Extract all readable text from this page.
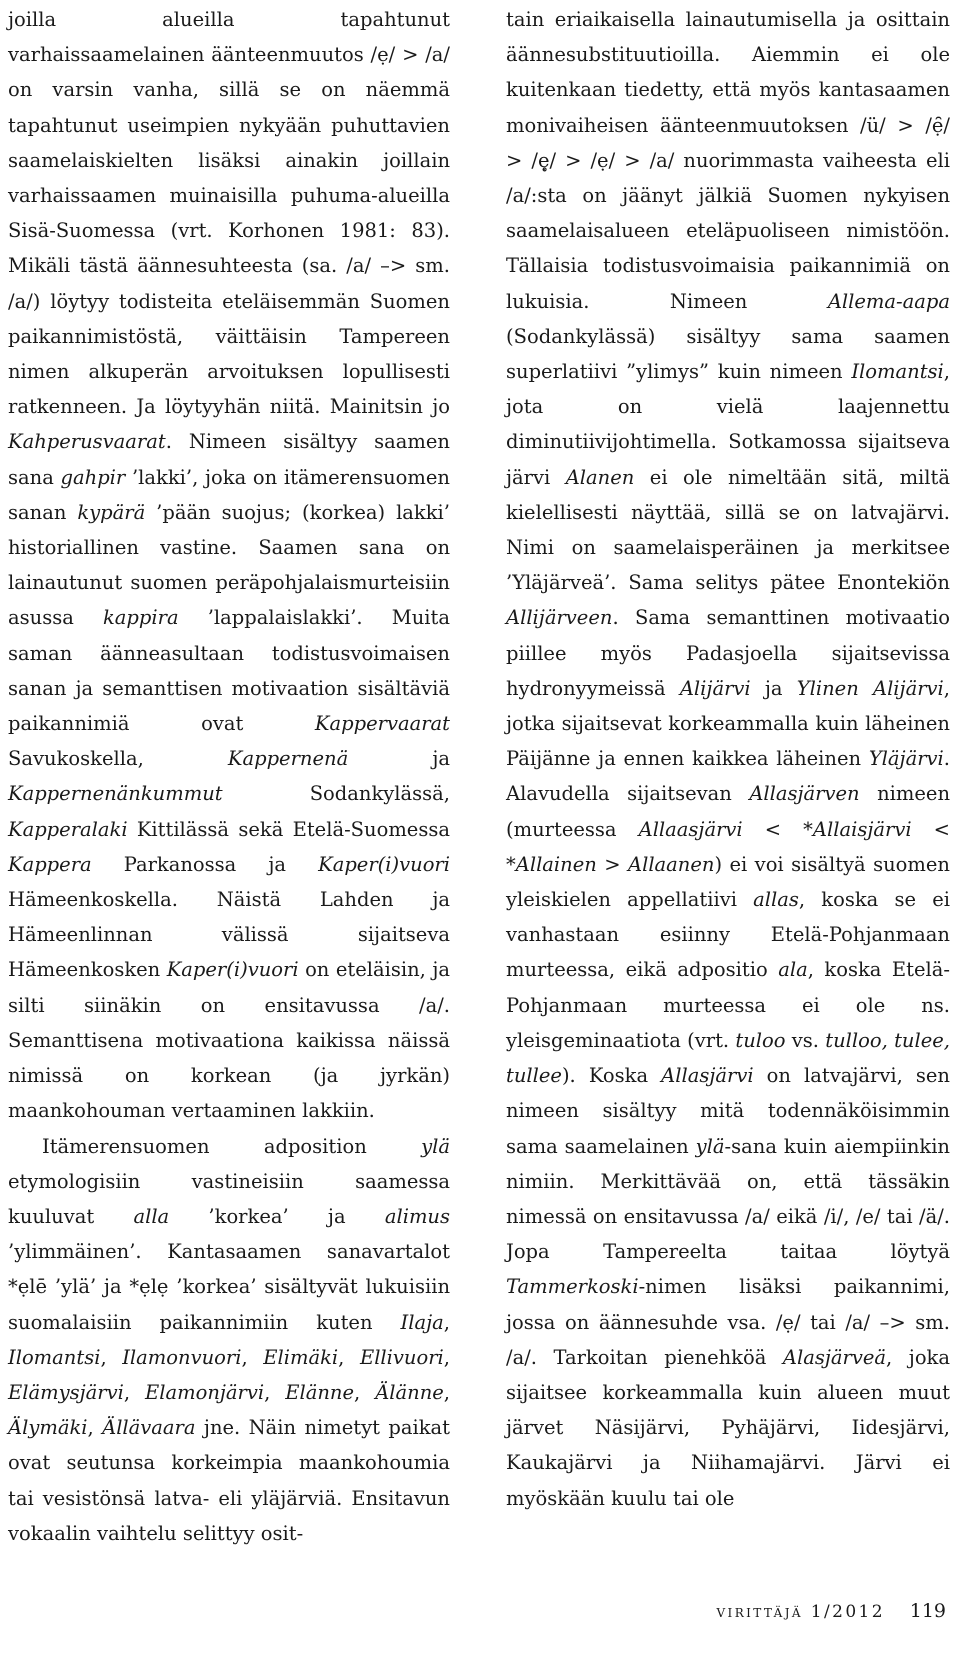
joilla alueilla tapahtunut varhaissaamelainen äänteenmuutos /ẹ/ > /a/ on varsin vanha, sillä se on näemmä tapahtunut useimpien nykyään puhuttavien saamelaiskielten lisäksi ainakin joillain varhaissaamen muinaisilla puhuma-alueilla Sisä-Suomessa (vrt. Korhonen 1981: 83). Mikäli tästä äännesuhteesta (sa. /a/ –> sm. /a/) löytyy todisteita eteläisemmän Suomen paikannimistöstä, väittäisin Tampereen nimen alkuperän arvoituksen lopullisesti ratkenneen. Ja löytyyhän niitä. Mainitsin jo Kahperusvaarat. Nimeen sisältyy saamen sana gahpir ’lakki’, joka on itämerensuomen sanan kypärä ’pään suojus; (korkea) lakki’ historiallinen vastine. Saamen sana on lainautunut suomen peräpohjalaismurteisiin asussa kappira ’lappalaislakki’. Muita saman äänneasultaan todistusvoimaisen sanan ja semanttisen motivaation sisältäviä paikannimiä ovat Kappervaarat Savukoskella, Kappernenä ja Kappernenänkummut Sodankylässä, Kapperalaki Kittilässä sekä Etelä-Suomessa Kappera Parkanossa ja Kaper(i)vuori Hämeenkoskella. Näistä Lahden ja Hämeenlinnan välissä sijaitseva Hämeenkosken Kaper(i)vuori on eteläisin, ja silti siinäkin on ensitavussa /a/. Semanttisena motivaationa kaikissa näissä nimissä on korkean (ja jyrkän) maankohouman vertaaminen lakkiin.

Itämerensuomen adposition ylä etymologisiin vastineisiin saamessa kuuluvat alla ’korkea’ ja alimus ’ylimmäinen’. Kantasaamen sanavartalot *ẹlē ’ylä’ ja *ẹlẹ ’korkea’ sisältyvät lukuisiin suomalaisiin paikannimiin kuten Ilaja, Ilomantsi, Ilamonvuori, Elimäki, Ellivuori, Elämysjärvi, Elamonjärvi, Elänne, Älänne, Älymäki, Ällävaara jne. Näin nimetyt paikat ovat seutunsa korkeimpia maankohoumia tai vesistönsä latva- eli yläjärviä. Ensitavun vokaalin vaihtelu selittyy osit-

tain eriaikaisella lainautumisella ja osittain äännesubstituutioilla. Aiemmin ei ole kuitenkaan tiedetty, että myös kantasaamen monivaiheisen äänteenmuutoksen /ü/ > /ẹ̑/ > /ẹ̥/ > /ẹ/ > /a/ nuorimmasta vaiheesta eli /a/:sta on jäänyt jälkiä Suomen nykyisen saamelaisalueen eteläpuoliseen nimistöön. Tällaisia todistusvoimaisia paikannimiä on lukuisia. Nimeen Allema-aapa (Sodankylässä) sisältyy sama saamen superlatiivi ”ylimys” kuin nimeen Ilomantsi, jota on vielä laajennettu diminutiivijohtimella. Sotkamossa sijaitseva järvi Alanen ei ole nimeltään sitä, miltä kielellisesti näyttää, sillä se on latvajärvi. Nimi on saamelaisperäinen ja merkitsee ’Yläjärveä’. Sama selitys pätee Enontekiön Allijärveen. Sama semanttinen motivaatio piillee myös Padasjoella sijaitsevissa hydronyymeissä Alijärvi ja Ylinen Alijärvi, jotka sijaitsevat korkeammalla kuin läheinen Päijänne ja ennen kaikkea läheinen Yläjärvi. Alavudella sijaitsevan Allasjärven nimeen (murteessa Allaasjärvi < *Allaisjärvi < *Allainen > Allaanen) ei voi sisältyä suomen yleiskielen appellatiivi allas, koska se ei vanhastaan esiinny Etelä-Pohjanmaan murteessa, eikä adpositio ala, koska Etelä-Pohjanmaan murteessa ei ole ns. yleisgeminaatiota (vrt. tuloo vs. tulloo, tulee, tullee). Koska Allasjärvi on latvajärvi, sen nimeen sisältyy mitä todennäköisimmin sama saamelainen ylä-sana kuin aiempiinkin nimiin. Merkittävää on, että tässäkin nimessä on ensitavussa /a/ eikä /i/, /e/ tai /ä/. Jopa Tampereelta taitaa löytyä Tammerkoski-nimen lisäksi paikannimi, jossa on äännesuhde vsa. /ẹ/ tai /a/ –> sm. /a/. Tarkoitan pienehköä Alasjärveä, joka sijaitsee korkeammalla kuin alueen muut järvet Näsijärvi, Pyhäjärvi, Iidesjärvi, Kaukajärvi ja Niihamajärvi. Järvi ei myöskään kuulu tai ole

virittäjä 1/2012 119
